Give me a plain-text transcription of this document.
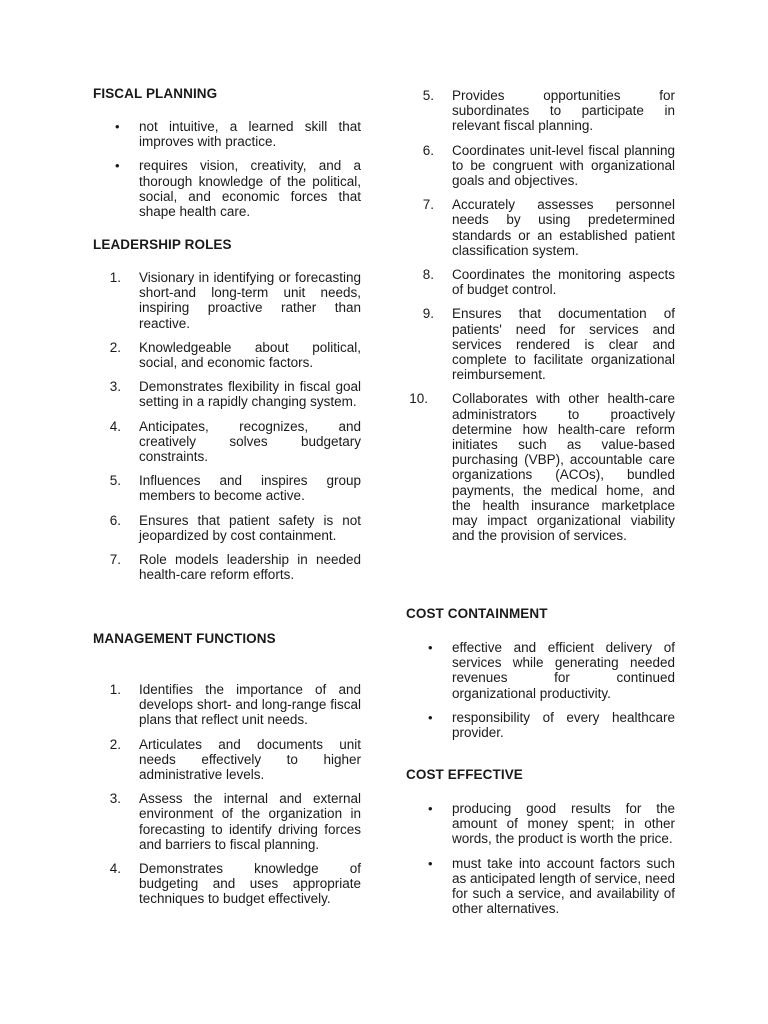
FISCAL PLANNING
• not intuitive, a learned skill that improves with practice.
• requires vision, creativity, and a thorough knowledge of the political, social, and economic forces that shape health care.
LEADERSHIP ROLES
1. Visionary in identifying or forecasting short-and long-term unit needs, inspiring proactive rather than reactive.
2. Knowledgeable about political, social, and economic factors.
3. Demonstrates flexibility in fiscal goal setting in a rapidly changing system.
4. Anticipates, recognizes, and creatively solves budgetary constraints.
5. Influences and inspires group members to become active.
6. Ensures that patient safety is not jeopardized by cost containment.
7. Role models leadership in needed health-care reform efforts.
MANAGEMENT FUNCTIONS
1. Identifies the importance of and develops short- and long-range fiscal plans that reflect unit needs.
2. Articulates and documents unit needs effectively to higher administrative levels.
3. Assess the internal and external environment of the organization in forecasting to identify driving forces and barriers to fiscal planning.
4. Demonstrates knowledge of budgeting and uses appropriate techniques to budget effectively.
5. Provides opportunities for subordinates to participate in relevant fiscal planning.
6. Coordinates unit-level fiscal planning to be congruent with organizational goals and objectives.
7. Accurately assesses personnel needs by using predetermined standards or an established patient classification system.
8. Coordinates the monitoring aspects of budget control.
9. Ensures that documentation of patients' need for services and services rendered is clear and complete to facilitate organizational reimbursement.
10. Collaborates with other health-care administrators to proactively determine how health-care reform initiates such as value-based purchasing (VBP), accountable care organizations (ACOs), bundled payments, the medical home, and the health insurance marketplace may impact organizational viability and the provision of services.
COST CONTAINMENT
• effective and efficient delivery of services while generating needed revenues for continued organizational productivity.
• responsibility of every healthcare provider.
COST EFFECTIVE
• producing good results for the amount of money spent; in other words, the product is worth the price.
• must take into account factors such as anticipated length of service, need for such a service, and availability of other alternatives.
